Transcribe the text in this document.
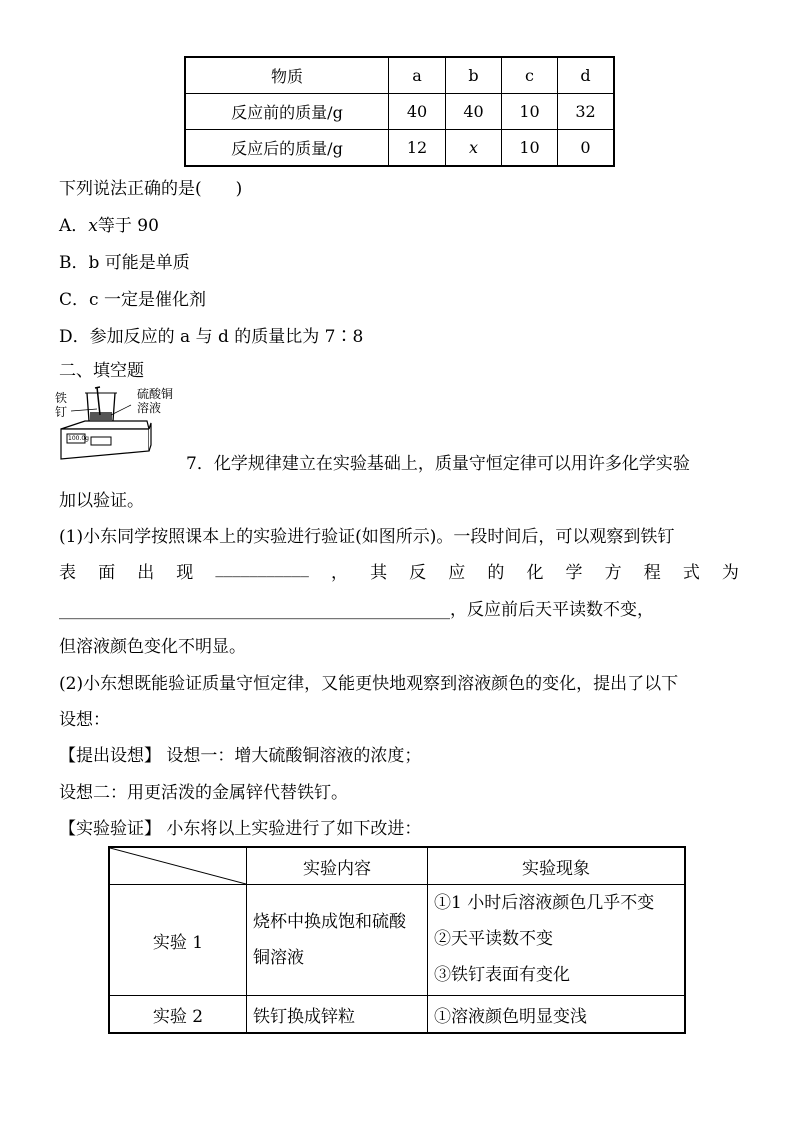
物质	a	b	c	d
反应前的质量/g	40	40	10	32
反应后的质量/g	12	x	10	0
下列说法正确的是(　　)
A．x等于 90
B．b 可能是单质
C．c 一定是催化剂
D．参加反应的 a 与 d 的质量比为 7∶8
二、填空题
铁
钉
硫酸铜
溶液
100.0g
7．化学规律建立在实验基础上，质量守恒定律可以用许多化学实验
加以验证。
(1)小东同学按照课本上的实验进行验证(如图所示)。一段时间后，可以观察到铁钉
表 面 出 现 ___________ ， 其 反 应 的 化 学 方 程 式 为
______________________________________________，反应前后天平读数不变，
但溶液颜色变化不明显。
(2)小东想既能验证质量守恒定律，又能更快地观察到溶液颜色的变化，提出了以下
设想：
【提出设想】 设想一：增大硫酸铜溶液的浓度；
设想二：用更活泼的金属锌代替铁钉。
【实验验证】 小东将以上实验进行了如下改进：
	实验内容	实验现象
实验 1	烧杯中换成饱和硫酸铜溶液	①1 小时后溶液颜色几乎不变
②天平读数不变
③铁钉表面有变化

实验 2	铁钉换成锌粒	①溶液颜色明显变浅
